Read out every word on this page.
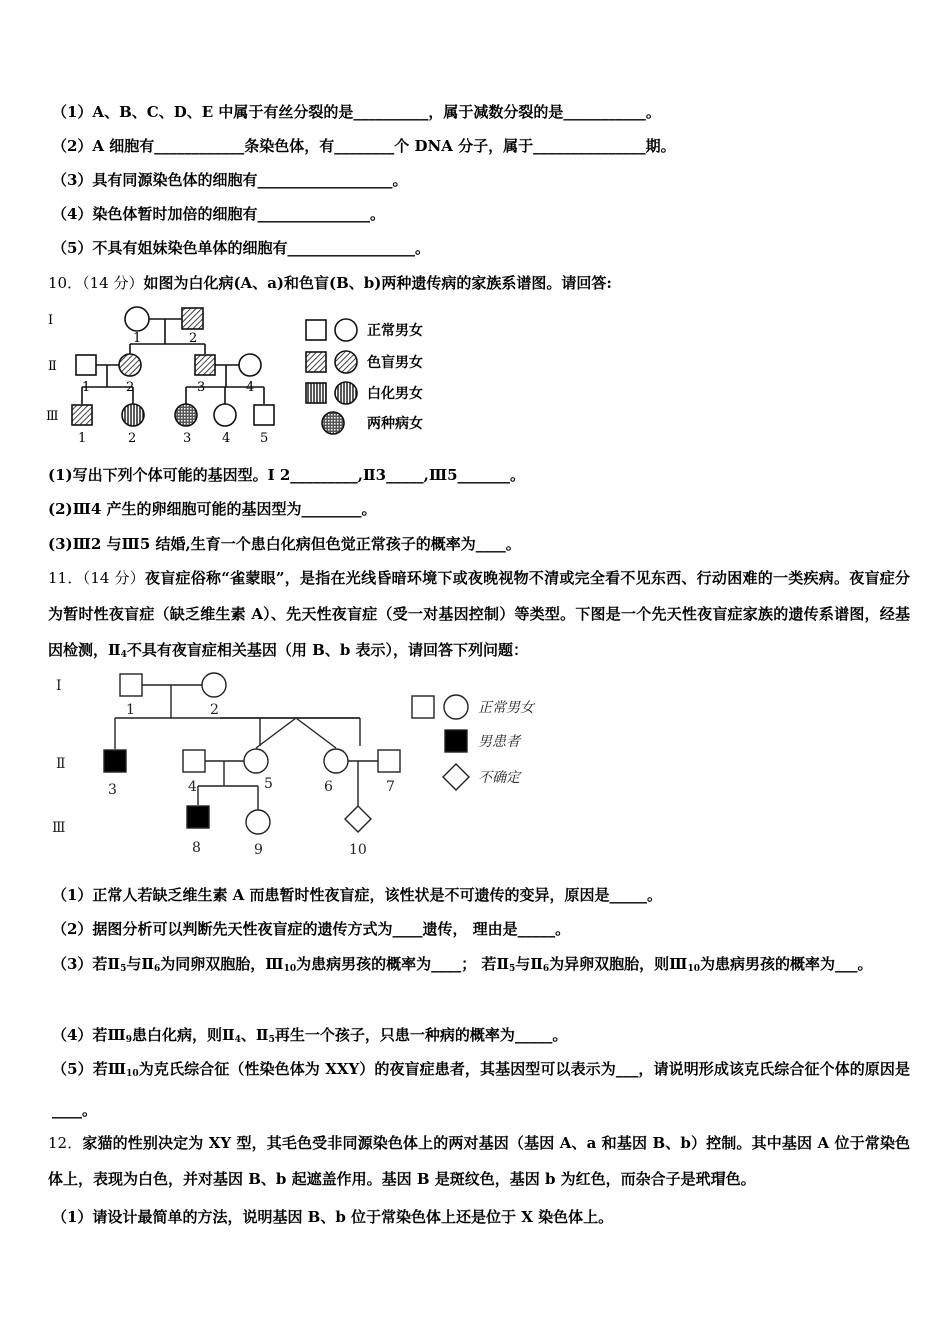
（1）A、B、C、D、E 中属于有丝分裂的是__________，属于减数分裂的是___________。
（2）A 细胞有____________条染色体，有________个 DNA 分子，属于_______________期。
（3）具有同源染色体的细胞有__________________。
（4）染色体暂时加倍的细胞有_______________。
（5）不具有姐妹染色单体的细胞有_________________。
10．（14 分）如图为白化病(A、a)和色盲(B、b)两种遗传病的家族系谱图。请回答:
Ⅰ
Ⅱ
Ⅲ
1	2
1	2	3	4
1	2	3 4 5
正常男女
色盲男女
白化男女
两种病女
(1)写出下列个体可能的基因型。Ⅰ 2_________,Ⅱ3_____,Ⅲ5_______。
(2)Ⅲ4 产生的卵细胞可能的基因型为________。
(3)Ⅲ2 与Ⅲ5 结婚,生育一个患白化病但色觉正常孩子的概率为____。
11．（14 分）夜盲症俗称“雀蒙眼”，是指在光线昏暗环境下或夜晚视物不清或完全看不见东西、行动困难的一类疾病。夜盲症分为暂时性夜盲症（缺乏维生素 A）、先天性夜盲症（受一对基因控制）等类型。下图是一个先天性夜盲症家族的遗传系谱图，经基因检测，$Ⅱ_4$不具有夜盲症相关基因（用 B、b 表示），请回答下列问题：
Ⅰ
Ⅱ
Ⅲ
1	2
3	4	5	6	7
8	9	10
正常男女
男患者
不确定
（1）正常人若缺乏维生素 A 而患暂时性夜盲症，该性状是不可遗传的变异，原因是_____。
（2）据图分析可以判断先天性夜盲症的遗传方式为____遗传， 理由是_____。
（3）若$Ⅱ_5$与$Ⅱ_6$为同卵双胞胎，$Ⅲ_{10}$为患病男孩的概率为____； 若$Ⅱ_5$与$Ⅱ_6$为异卵双胞胎，则$Ⅲ_{10}$为患病男孩的概率为___。
（4）若$Ⅲ_9$患白化病，则$Ⅱ_4$、$Ⅱ_5$再生一个孩子，只患一种病的概率为_____。
（5）若$Ⅲ_{10}$为克氏综合征（性染色体为 XXY）的夜盲症患者，其基因型可以表示为___，请说明形成该克氏综合征个体的原因是____。
12．家猫的性别决定为 XY 型，其毛色受非同源染色体上的两对基因（基因 A、a 和基因 B、b）控制。其中基因 A 位于常染色体上，表现为白色，并对基因 B、b 起遮盖作用。基因 B 是斑纹色，基因 b 为红色，而杂合子是玳瑁色。
（1）请设计最简单的方法，说明基因 B、b 位于常染色体上还是位于 X 染色体上。
